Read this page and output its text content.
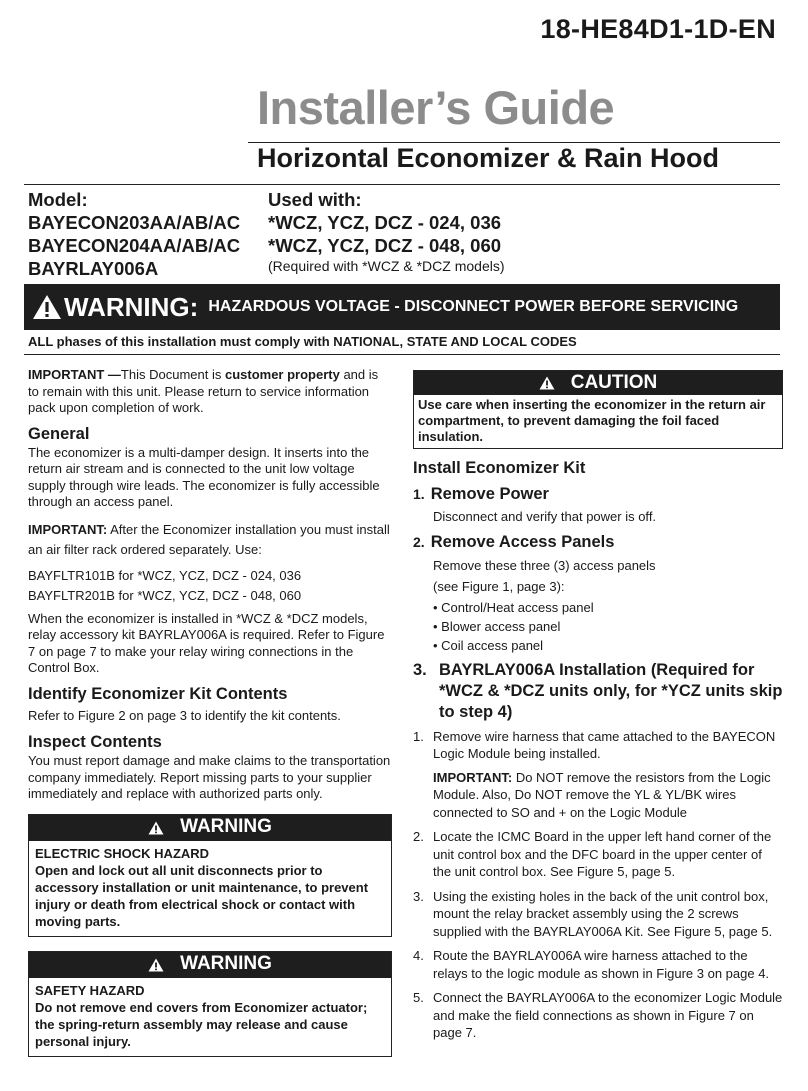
18-HE84D1-1D-EN
Installer’s Guide
Horizontal Economizer & Rain Hood
Model:
BAYECON203AA/AB/AC
BAYECON204AA/AB/AC
BAYRLAY006A
Used with:
*WCZ, YCZ, DCZ - 024, 036
*WCZ, YCZ, DCZ - 048, 060
(Required with *WCZ & *DCZ models)
WARNING: HAZARDOUS VOLTAGE - DISCONNECT POWER BEFORE SERVICING
ALL phases of this installation must comply with NATIONAL, STATE AND LOCAL CODES

IMPORTANT —This Document is customer property and is to remain with this unit. Please return to service information pack upon completion of work.

General

The economizer is a multi-damper design. It inserts into the return air stream and is connected to the unit low voltage supply through wire leads. The economizer is fully accessible through an access panel.

IMPORTANT: After the Economizer installation you must install an air filter rack ordered separately. Use:

BAYFLTR101B for *WCZ, YCZ, DCZ - 024, 036

BAYFLTR201B for *WCZ, YCZ, DCZ - 048, 060

When the economizer is installed in *WCZ & *DCZ models, relay accessory kit BAYRLAY006A is required. Refer to Figure 7 on page 7 to make your relay wiring connections in the Control Box.

Identify Economizer Kit Contents

Refer to Figure 2 on page 3 to identify the kit contents.

Inspect Contents

You must report damage and make claims to the transportation company immediately. Report missing parts to your supplier immediately and replace with authorized parts only.

WARNING
ELECTRIC SHOCK HAZARD
Open and lock out all unit disconnects prior to accessory installation or unit maintenance, to prevent injury or death from electrical shock or contact with moving parts.
WARNING
SAFETY HAZARD
Do not remove end covers from Economizer actuator; the spring-return assembly may release and cause personal injury.
CAUTION
Use care when inserting the economizer in the return air compartment, to prevent damaging the foil faced insulation.
Install Economizer Kit
1. Remove Power

Disconnect and verify that power is off.

2. Remove Access Panels
Remove these three (3) access panels
(see Figure 1, page 3):
• Control/Heat access panel
• Blower access panel
• Coil access panel
3. BAYRLAY006A Installation (Required for *WCZ & *DCZ units only, for *YCZ units skip to step 4)
1. Remove wire harness that came attached to the BAYECON Logic Module being installed.

IMPORTANT: Do NOT remove the resistors from the Logic Module. Also, Do NOT remove the YL & YL/BK wires connected to SO and + on the Logic Module

2. Locate the ICMC Board in the upper left hand corner of the unit control box and the DFC board in the upper center of the unit control box. See Figure 5, page 5.
3. Using the existing holes in the back of the unit control box, mount the relay bracket assembly using the 2 screws supplied with the BAYRLAY006A Kit. See Figure 5, page 5.
4. Route the BAYRLAY006A wire harness attached to the relays to the logic module as shown in Figure 3 on page 4.
5. Connect the BAYRLAY006A to the economizer Logic Module and make the field connections as shown in Figure 7 on page 7.
